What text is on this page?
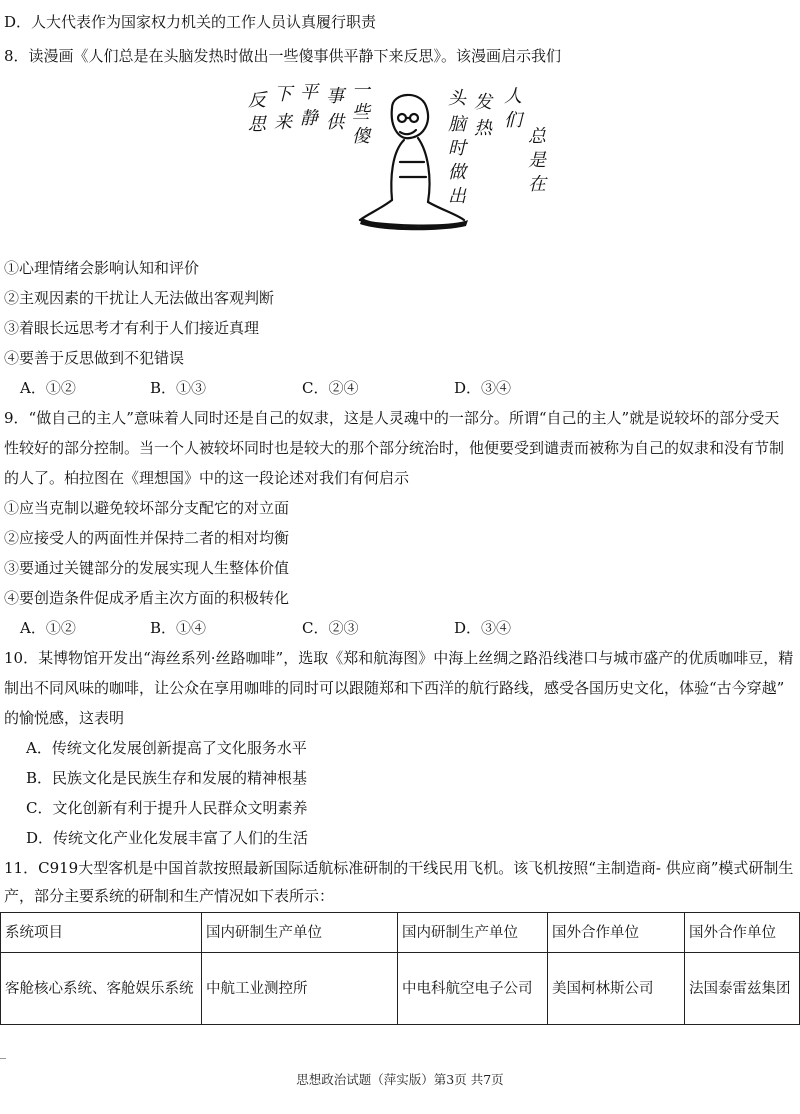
D．人大代表作为国家权力机关的工作人员认真履行职责
8．读漫画《人们总是在头脑发热时做出一些傻事供平静下来反思》。该漫画启示我们
反
思
下
来
平
静
事
供
一
些
傻
头
脑
发
热
时
做
出
人
们
总
是
在
①心理情绪会影响认知和评价
②主观因素的干扰让人无法做出客观判断
③着眼长远思考才有利于人们接近真理
④要善于反思做到不犯错误
A．①②	B．①③	C．②④	D．③④
9．“做自己的主人”意味着人同时还是自己的奴隶，这是人灵魂中的一部分。所谓“自己的主人”就是说较坏的部分受天
性较好的部分控制。当一个人被较坏同时也是较大的那个部分统治时，他便要受到谴责而被称为自己的奴隶和没有节制
的人了。柏拉图在《理想国》中的这一段论述对我们有何启示
①应当克制以避免较坏部分支配它的对立面
②应接受人的两面性并保持二者的相对均衡
③要通过关键部分的发展实现人生整体价值
④要创造条件促成矛盾主次方面的积极转化
A．①②	B．①④	C．②③	D．③④
10．某博物馆开发出“海丝系列·丝路咖啡”，选取《郑和航海图》中海上丝绸之路沿线港口与城市盛产的优质咖啡豆，精
制出不同风味的咖啡，让公众在享用咖啡的同时可以跟随郑和下西洋的航行路线，感受各国历史文化，体验“古今穿越”
的愉悦感，这表明
A．传统文化发展创新提高了文化服务水平
B．民族文化是民族生存和发展的精神根基
C．文化创新有利于提升人民群众文明素养
D．传统文化产业化发展丰富了人们的生活
11．C919大型客机是中国首款按照最新国际适航标准研制的干线民用飞机。该飞机按照“主制造商- 供应商”模式研制生
产，部分主要系统的研制和生产情况如下表所示：
系统项目	国内研制生产单位	国内研制生产单位	国外合作单位	国外合作单位
客舱核心系统、客舱娱乐系统	中航工业测控所	中电科航空电子公司	美国柯林斯公司	法国泰雷兹集团
思想政治试题（萍实版）第3页 共7页
